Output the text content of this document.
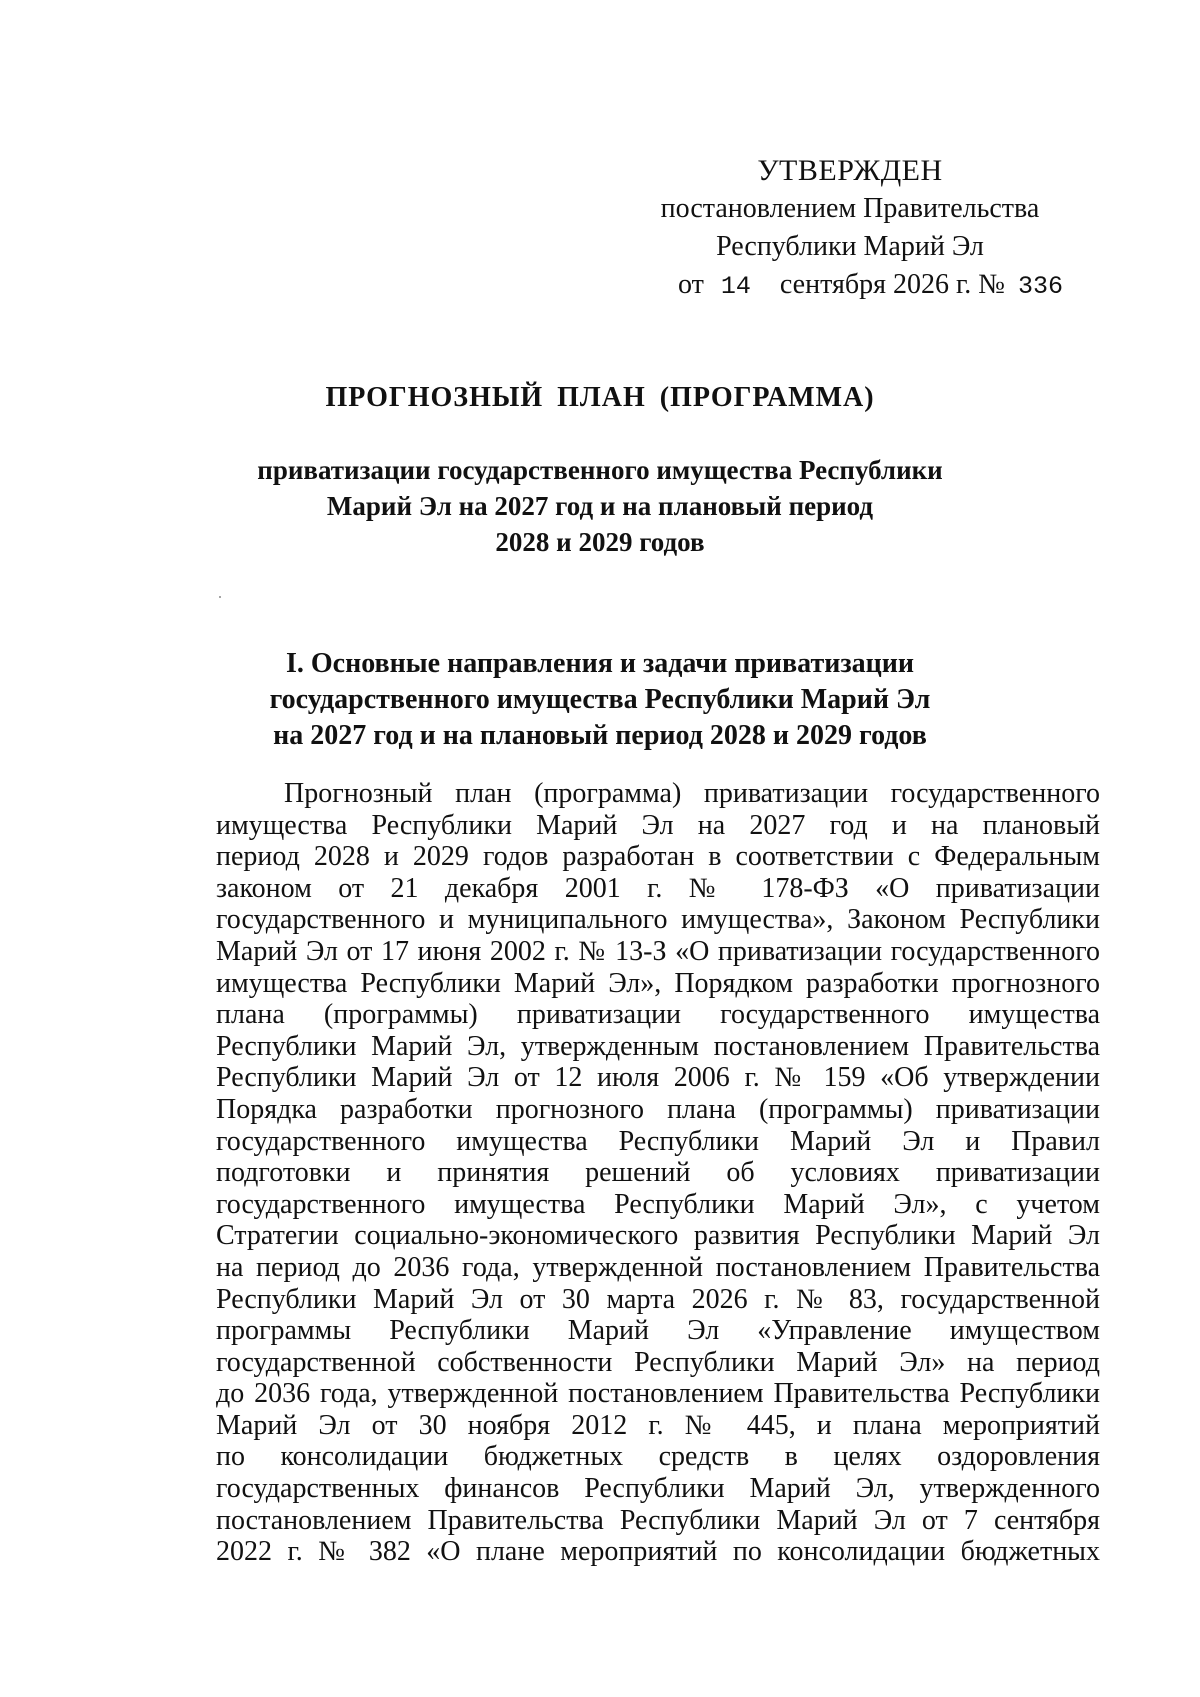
УТВЕРЖДЕН
постановлением Правительства
Республики Марий Эл
от 14 сентября 2026 г. № 336
ПРОГНОЗНЫЙ ПЛАН (ПРОГРАММА)
приватизации государственного имущества Республики
Марий Эл на 2027 год и на плановый период
2028 и 2029 годов
I. Основные направления и задачи приватизации
государственного имущества Республики Марий Эл
на 2027 год и на плановый период 2028 и 2029 годов
Прогнозный план (программа) приватизации государственного
имущества Республики Марий Эл на 2027 год и на плановый
период 2028 и 2029 годов разработан в соответствии с Федеральным
законом от 21 декабря 2001 г. № 178-ФЗ «О приватизации
государственного и муниципального имущества», Законом Республики
Марий Эл от 17 июня 2002 г. № 13-З «О приватизации государственного
имущества Республики Марий Эл», Порядком разработки прогнозного
плана (программы) приватизации государственного имущества
Республики Марий Эл, утвержденным постановлением Правительства
Республики Марий Эл от 12 июля 2006 г. № 159 «Об утверждении
Порядка разработки прогнозного плана (программы) приватизации
государственного имущества Республики Марий Эл и Правил
подготовки и принятия решений об условиях приватизации
государственного имущества Республики Марий Эл», с учетом
Стратегии социально-экономического развития Республики Марий Эл
на период до 2036 года, утвержденной постановлением Правительства
Республики Марий Эл от 30 марта 2026 г. № 83, государственной
программы Республики Марий Эл «Управление имуществом
государственной собственности Республики Марий Эл» на период
до 2036 года, утвержденной постановлением Правительства Республики
Марий Эл от 30 ноября 2012 г. № 445, и плана мероприятий
по консолидации бюджетных средств в целях оздоровления
государственных финансов Республики Марий Эл, утвержденного
постановлением Правительства Республики Марий Эл от 7 сентября
2022 г. № 382 «О плане мероприятий по консолидации бюджетных
